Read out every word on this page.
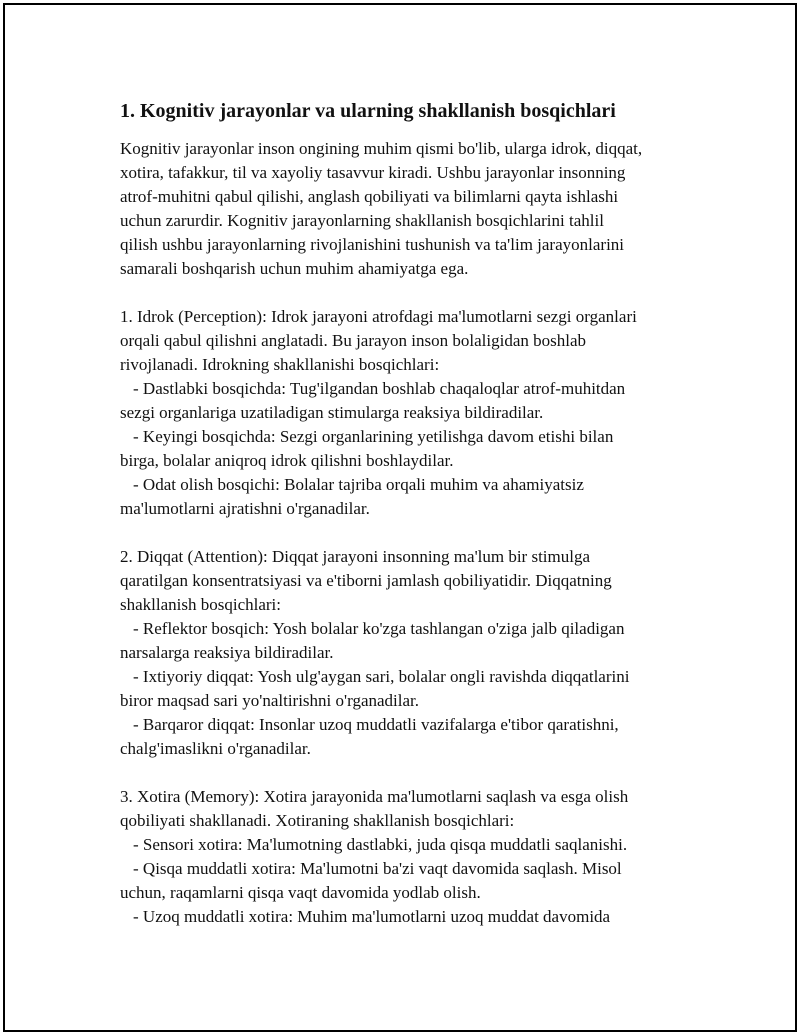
1. Kognitiv jarayonlar va ularning shakllanish bosqichlari

Kognitiv jarayonlar inson ongining muhim qismi bo'lib, ularga idrok, diqqat,
xotira, tafakkur, til va xayoliy tasavvur kiradi. Ushbu jarayonlar insonning
atrof-muhitni qabul qilishi, anglash qobiliyati va bilimlarni qayta ishlashi
uchun zarurdir. Kognitiv jarayonlarning shakllanish bosqichlarini tahlil
qilish ushbu jarayonlarning rivojlanishini tushunish va ta'lim jarayonlarini
samarali boshqarish uchun muhim ahamiyatga ega.

1. Idrok (Perception): Idrok jarayoni atrofdagi ma'lumotlarni sezgi organlari
orqali qabul qilishni anglatadi. Bu jarayon inson bolaligidan boshlab
rivojlanadi. Idrokning shakllanishi bosqichlari:
- Dastlabki bosqichda: Tug'ilgandan boshlab chaqaloqlar atrof-muhitdan
sezgi organlariga uzatiladigan stimularga reaksiya bildiradilar.
- Keyingi bosqichda: Sezgi organlarining yetilishga davom etishi bilan
birga, bolalar aniqroq idrok qilishni boshlaydilar.
- Odat olish bosqichi: Bolalar tajriba orqali muhim va ahamiyatsiz
ma'lumotlarni ajratishni o'rganadilar.

2. Diqqat (Attention): Diqqat jarayoni insonning ma'lum bir stimulga
qaratilgan konsentratsiyasi va e'tiborni jamlash qobiliyatidir. Diqqatning
shakllanish bosqichlari:
- Reflektor bosqich: Yosh bolalar ko'zga tashlangan o'ziga jalb qiladigan
narsalarga reaksiya bildiradilar.
- Ixtiyoriy diqqat: Yosh ulg'aygan sari, bolalar ongli ravishda diqqatlarini
biror maqsad sari yo'naltirishni o'rganadilar.
- Barqaror diqqat: Insonlar uzoq muddatli vazifalarga e'tibor qaratishni,
chalg'imaslikni o'rganadilar.

3. Xotira (Memory): Xotira jarayonida ma'lumotlarni saqlash va esga olish
qobiliyati shakllanadi. Xotiraning shakllanish bosqichlari:
- Sensori xotira: Ma'lumotning dastlabki, juda qisqa muddatli saqlanishi.
- Qisqa muddatli xotira: Ma'lumotni ba'zi vaqt davomida saqlash. Misol
uchun, raqamlarni qisqa vaqt davomida yodlab olish.
- Uzoq muddatli xotira: Muhim ma'lumotlarni uzoq muddat davomida
